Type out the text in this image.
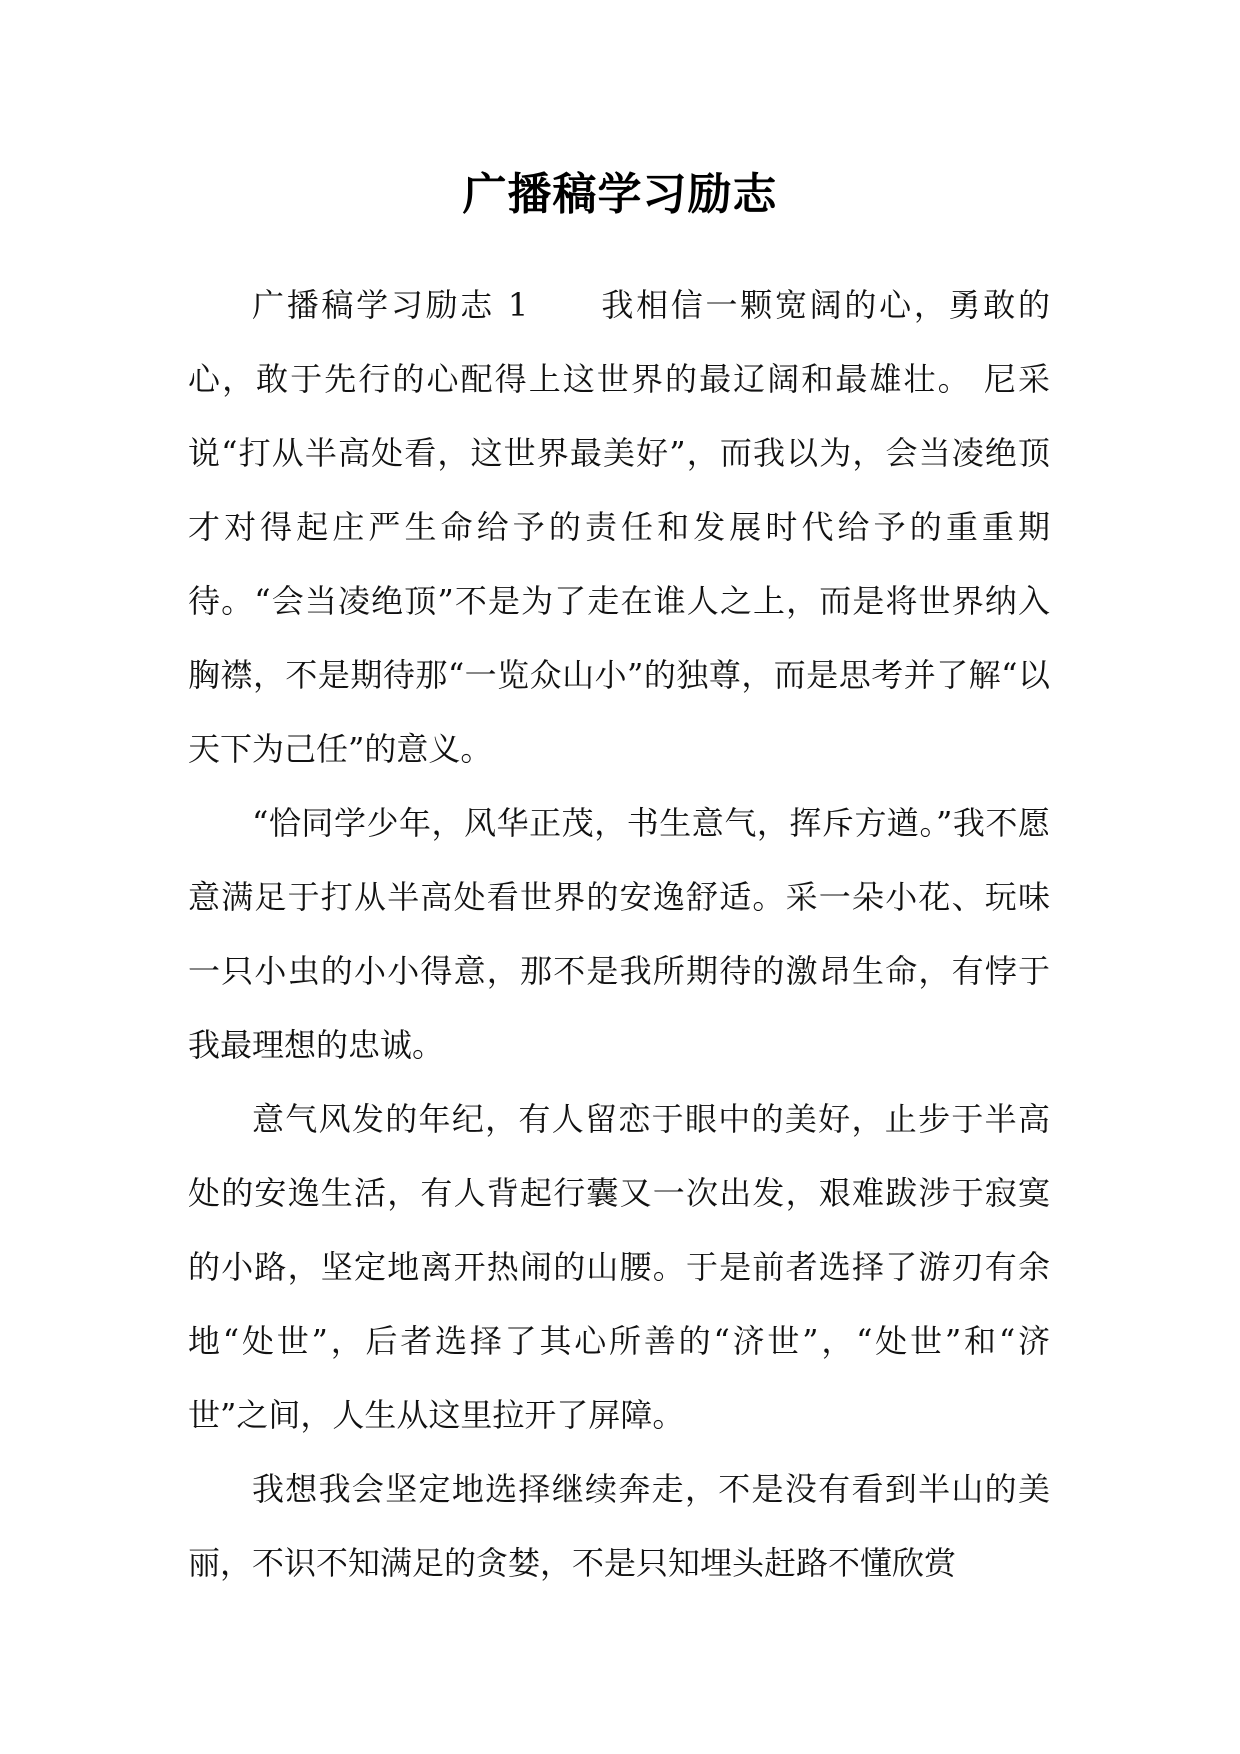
广播稿学习励志

广播稿学习励志 1 我相信一颗宽阔的心，勇敢的心，敢于先行的心配得上这世界的最辽阔和最雄壮。 尼采说“打从半高处看，这世界最美好”，而我以为，会当凌绝顶才对得起庄严生命给予的责任和发展时代给予的重重期待。“会当凌绝顶”不是为了走在谁人之上，而是将世界纳入胸襟，不是期待那“一览众山小”的独尊，而是思考并了解“以天下为己任”的意义。

“恰同学少年，风华正茂，书生意气，挥斥方遒。”我不愿意满足于打从半高处看世界的安逸舒适。采一朵小花、玩味一只小虫的小小得意，那不是我所期待的激昂生命，有悖于我最理想的忠诚。

意气风发的年纪，有人留恋于眼中的美好，止步于半高处的安逸生活，有人背起行囊又一次出发，艰难跋涉于寂寞的小路，坚定地离开热闹的山腰。于是前者选择了游刃有余地“处世”，后者选择了其心所善的“济世”，“处世”和“济世”之间，人生从这里拉开了屏障。

我想我会坚定地选择继续奔走，不是没有看到半山的美丽，不识不知满足的贪婪，不是只知埋头赶路不懂欣赏
